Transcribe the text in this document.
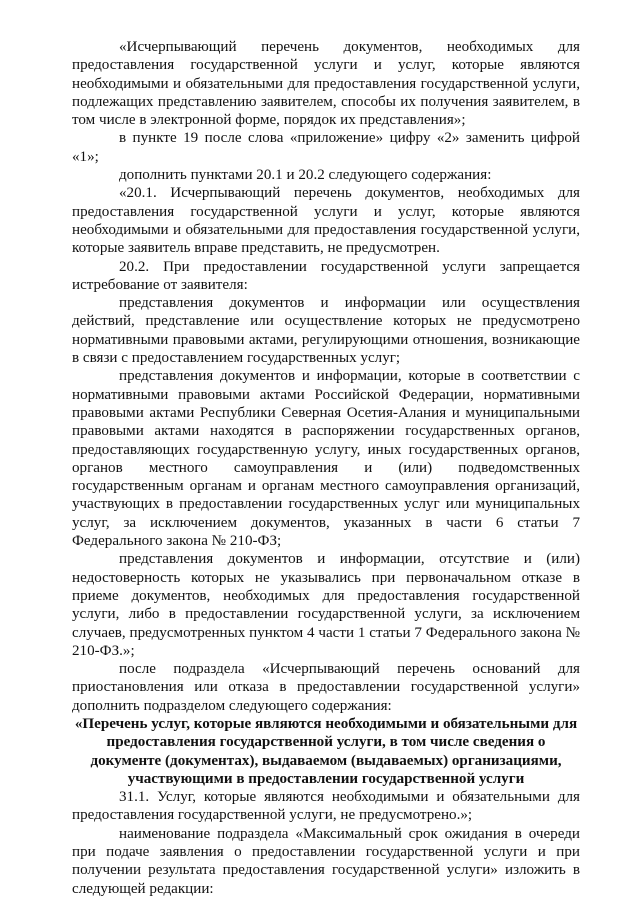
«Исчерпывающий перечень документов, необходимых для предоставления государственной услуги и услуг, которые являются необходимыми и обязательными для предоставления государственной услуги, подлежащих представлению заявителем, способы их получения заявителем, в том числе в электронной форме, порядок их представления»;

в пункте 19 после слова «приложение» цифру «2» заменить цифрой «1»;

дополнить пунктами 20.1 и 20.2 следующего содержания:

«20.1. Исчерпывающий перечень документов, необходимых для предоставления государственной услуги и услуг, которые являются необходимыми и обязательными для предоставления государственной услуги, которые заявитель вправе представить, не предусмотрен.

20.2. При предоставлении государственной услуги запрещается истребование от заявителя:

представления документов и информации или осуществления действий, представление или осуществление которых не предусмотрено нормативными правовыми актами, регулирующими отношения, возникающие в связи с предоставлением государственных услуг;

представления документов и информации, которые в соответствии с нормативными правовыми актами Российской Федерации, нормативными правовыми актами Республики Северная Осетия-Алания и муниципальными правовыми актами находятся в распоряжении государственных органов, предоставляющих государственную услугу, иных государственных органов, органов местного самоуправления и (или) подведомственных государственным органам и органам местного самоуправления организаций, участвующих в предоставлении государственных услуг или муниципальных услуг, за исключением документов, указанных в части 6 статьи 7 Федерального закона № 210-ФЗ;

представления документов и информации, отсутствие и (или) недостоверность которых не указывались при первоначальном отказе в приеме документов, необходимых для предоставления государственной услуги, либо в предоставлении государственной услуги, за исключением случаев, предусмотренных пунктом 4 части 1 статьи 7 Федерального закона № 210-ФЗ.»;

после подраздела «Исчерпывающий перечень оснований для приостановления или отказа в предоставлении государственной услуги» дополнить подразделом следующего содержания:

«Перечень услуг, которые являются необходимыми и обязательными для предоставления государственной услуги, в том числе сведения о документе (документах), выдаваемом (выдаваемых) организациями, участвующими в предоставлении государственной услуги

31.1. Услуг, которые являются необходимыми и обязательными для предоставления государственной услуги, не предусмотрено.»;

наименование подраздела «Максимальный срок ожидания в очереди при подаче заявления о предоставлении государственной услуги и при получении результата предоставления государственной услуги» изложить в следующей редакции:
